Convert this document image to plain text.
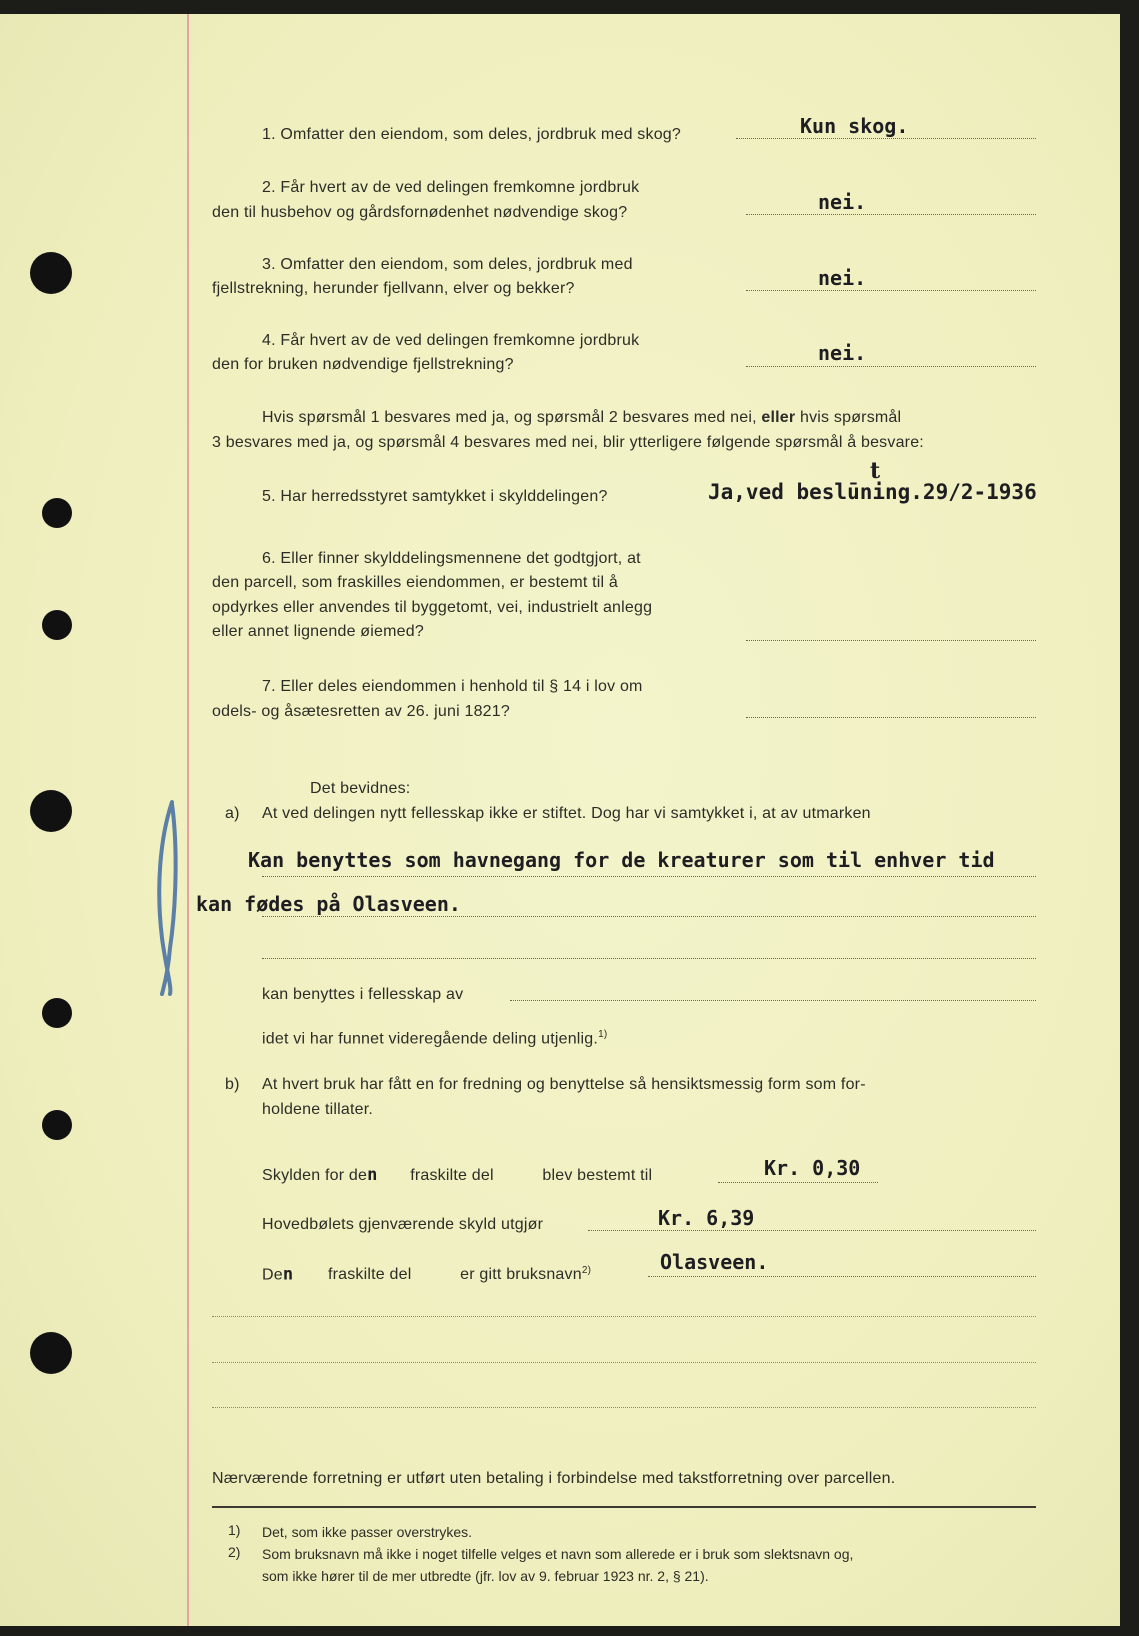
1. Omfatter den eiendom, som deles, jordbruk med skog?	Kun skog.
2. Får hvert av de ved delingen fremkomne jordbruk
den til husbehov og gårdsfornødenhet nødvendige skog?	nei.
3. Omfatter den eiendom, som deles, jordbruk med
fjellstrekning, herunder fjellvann, elver og bekker?	nei.
4. Får hvert av de ved delingen fremkomne jordbruk
den for bruken nødvendige fjellstrekning?	nei.
Hvis spørsmål 1 besvares med ja, og spørsmål 2 besvares med nei, eller hvis spørsmål
3 besvares med ja, og spørsmål 4 besvares med nei, blir ytterligere følgende spørsmål å besvare:
5. Har herredsstyret samtykket i skylddelingen?	Ja,ved beslūning.29/2-1936
t
6. Eller finner skylddelingsmennene det godtgjort, at
den parcell, som fraskilles eiendommen, er bestemt til å
opdyrkes eller anvendes til byggetomt, vei, industrielt anlegg
eller annet lignende øiemed?
7. Eller deles eiendommen i henhold til § 14 i lov om
odels- og åsætesretten av 26. juni 1821?
Det bevidnes:
a) At ved delingen nytt fellesskap ikke er stiftet. Dog har vi samtykket i, at av utmarken
Kan benyttes som havnegang for de kreaturer som til enhver tid
kan fødes på Olasveen.
kan benyttes i fellesskap av
idet vi har funnet videregående deling utjenlig.$^{1)}$
b) At hvert bruk har fått en for fredning og benyttelse så hensiktsmessig form som for-
holdene tillater.
Skylden for den fraskilte del	blev bestemt til	Kr. 0,30
Hovedbølets gjenværende skyld utgjør	Kr. 6,39
Den fraskilte del	er gitt bruksnavn$^{2)}$	Olasveen.
Nærværende forretning er utført uten betaling i forbindelse med takstforretning over parcellen.
1) Det, som ikke passer overstrykes.
2) Som bruksnavn må ikke i noget tilfelle velges et navn som allerede er i bruk som slektsnavn og,
som ikke hører til de mer utbredte (jfr. lov av 9. februar 1923 nr. 2, § 21).
